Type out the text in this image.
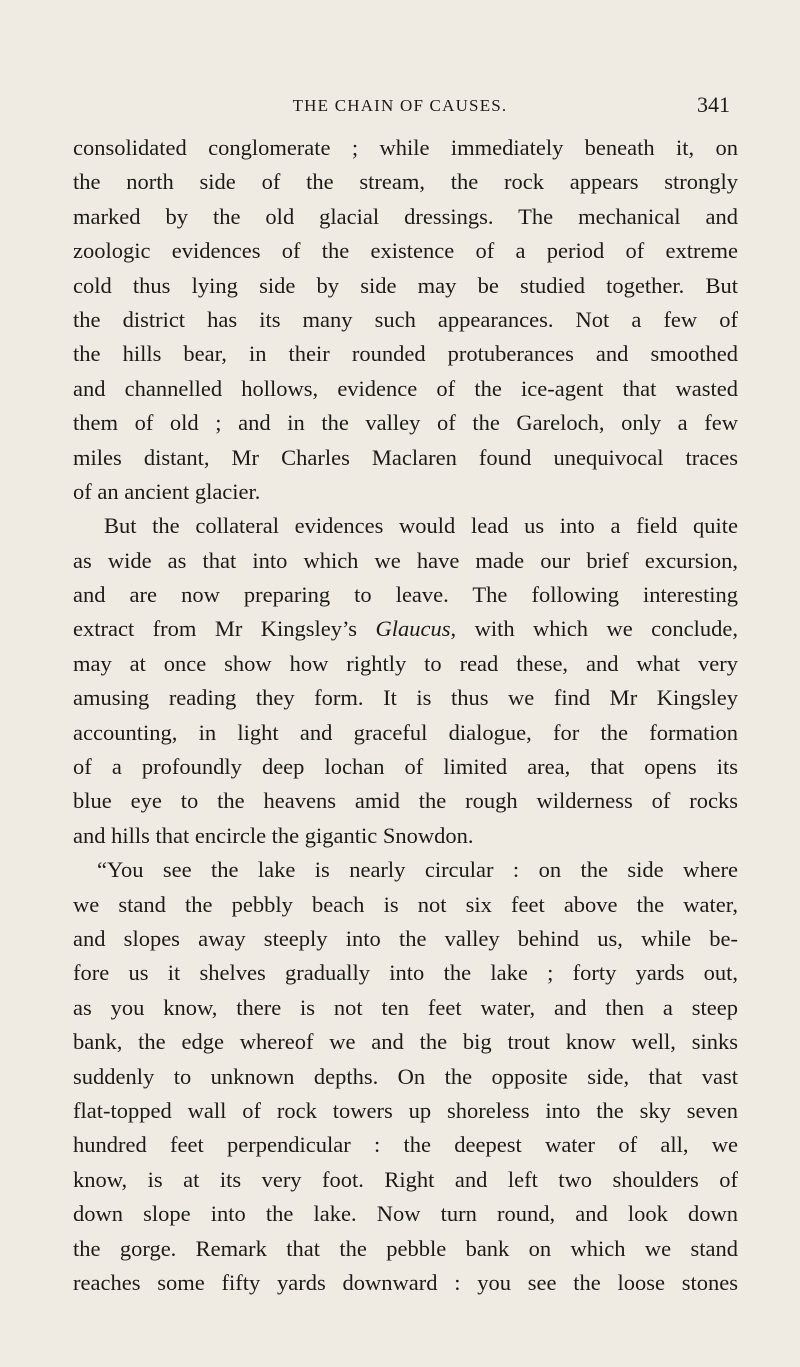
THE CHAIN OF CAUSES.	341
consolidated conglomerate ; while immediately beneath it, on
the north side of the stream, the rock appears strongly
marked by the old glacial dressings. The mechanical and
zoologic evidences of the existence of a period of extreme
cold thus lying side by side may be studied together. But
the district has its many such appearances. Not a few of
the hills bear, in their rounded protuberances and smoothed
and channelled hollows, evidence of the ice-agent that wasted
them of old ; and in the valley of the Gareloch, only a few
miles distant, Mr Charles Maclaren found unequivocal traces
of an ancient glacier.
But the collateral evidences would lead us into a field quite
as wide as that into which we have made our brief excursion,
and are now preparing to leave. The following interesting
extract from Mr Kingsley’s Glaucus, with which we conclude,
may at once show how rightly to read these, and what very
amusing reading they form. It is thus we find Mr Kingsley
accounting, in light and graceful dialogue, for the formation
of a profoundly deep lochan of limited area, that opens its
blue eye to the heavens amid the rough wilderness of rocks
and hills that encircle the gigantic Snowdon.
“You see the lake is nearly circular : on the side where
we stand the pebbly beach is not six feet above the water,
and slopes away steeply into the valley behind us, while be-
fore us it shelves gradually into the lake ; forty yards out,
as you know, there is not ten feet water, and then a steep
bank, the edge whereof we and the big trout know well, sinks
suddenly to unknown depths. On the opposite side, that vast
flat-topped wall of rock towers up shoreless into the sky seven
hundred feet perpendicular : the deepest water of all, we
know, is at its very foot. Right and left two shoulders of
down slope into the lake. Now turn round, and look down
the gorge. Remark that the pebble bank on which we stand
reaches some fifty yards downward : you see the loose stones
